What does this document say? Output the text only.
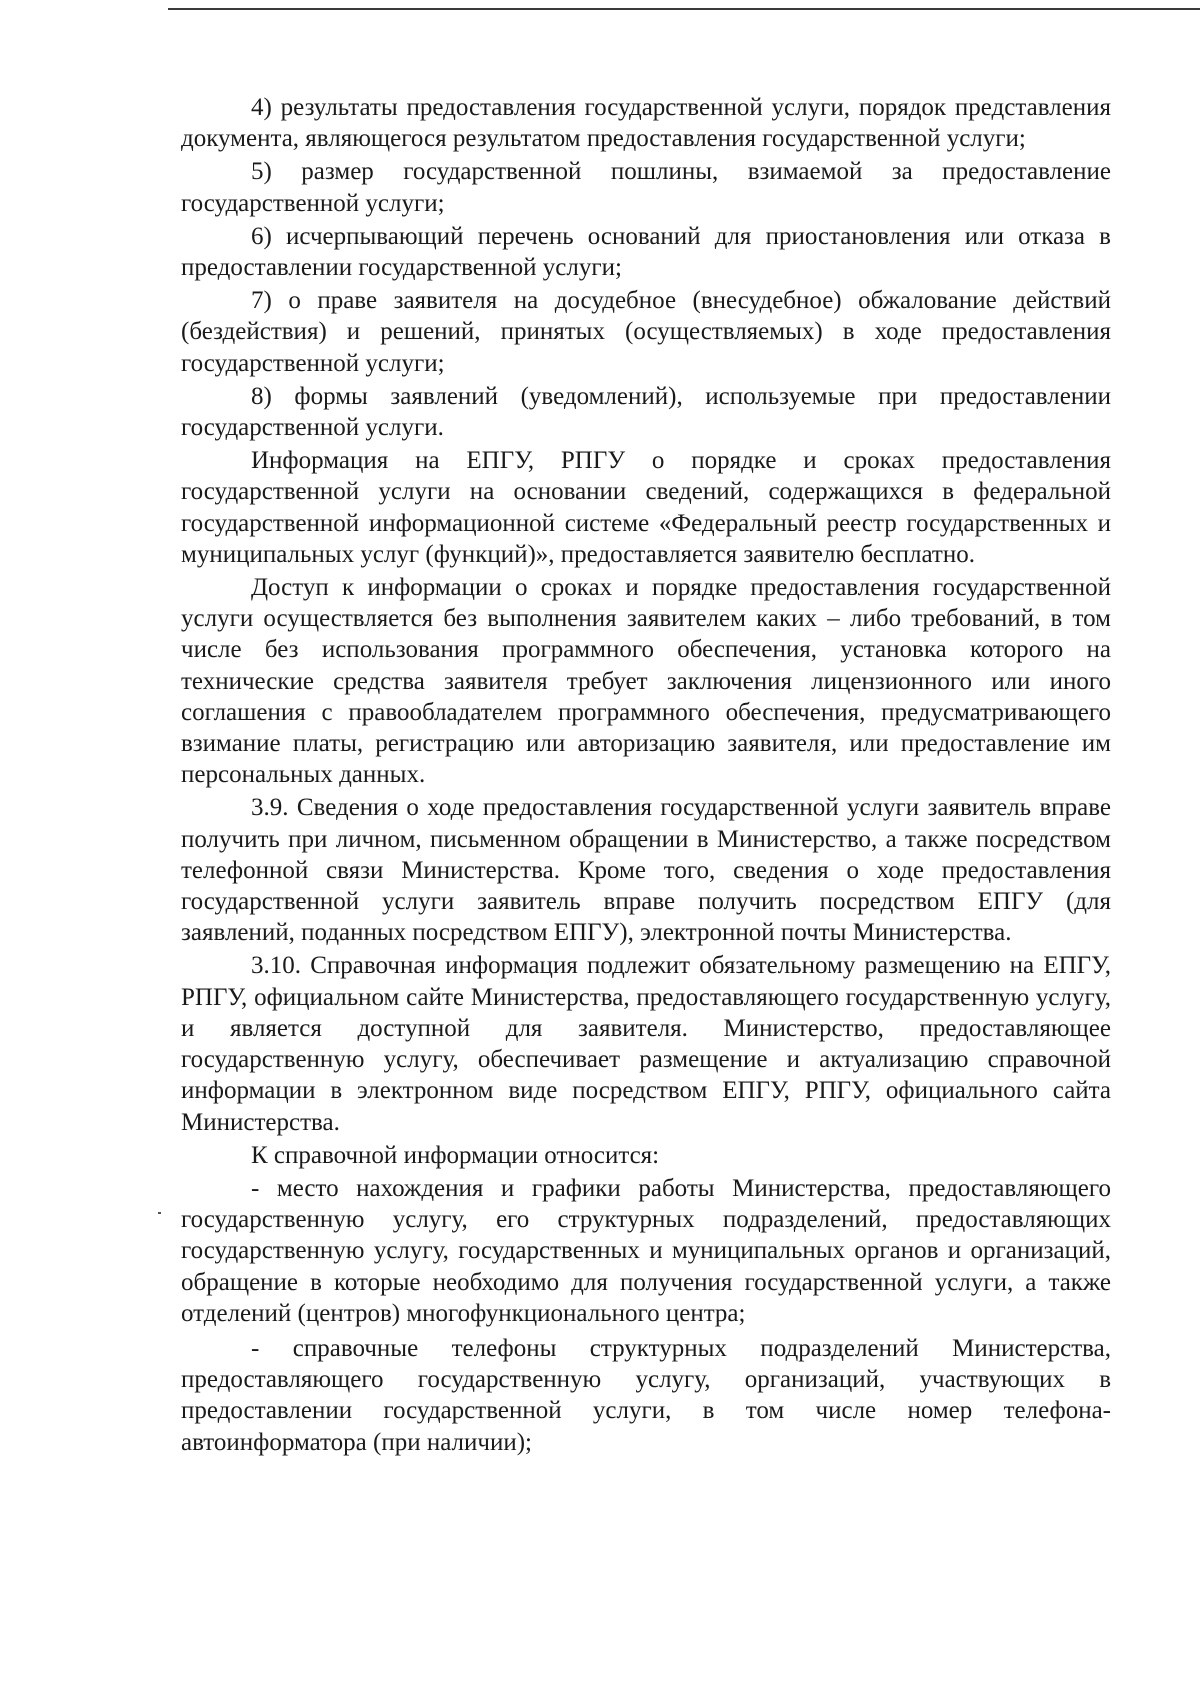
4) результаты предоставления государственной услуги, порядок представления документа, являющегося результатом предоставления государственной услуги;

5) размер государственной пошлины, взимаемой за предоставление государственной услуги;

6) исчерпывающий перечень оснований для приостановления или отказа в предоставлении государственной услуги;

7) о праве заявителя на досудебное (внесудебное) обжалование действий (бездействия) и решений, принятых (осуществляемых) в ходе предоставления государственной услуги;

8) формы заявлений (уведомлений), используемые при предоставлении государственной услуги.

Информация на ЕПГУ, РПГУ о порядке и сроках предоставления государственной услуги на основании сведений, содержащихся в федеральной государственной информационной системе «Федеральный реестр государственных и муниципальных услуг (функций)», предоставляется заявителю бесплатно.

Доступ к информации о сроках и порядке предоставления государственной услуги осуществляется без выполнения заявителем каких – либо требований, в том числе без использования программного обеспечения, установка которого на технические средства заявителя требует заключения лицензионного или иного соглашения с правообладателем программного обеспечения, предусматривающего взимание платы, регистрацию или авторизацию заявителя, или предоставление им персональных данных.

3.9. Сведения о ходе предоставления государственной услуги заявитель вправе получить при личном, письменном обращении в Министерство, а также посредством телефонной связи Министерства. Кроме того, сведения о ходе предоставления государственной услуги заявитель вправе получить посредством ЕПГУ (для заявлений, поданных посредством ЕПГУ), электронной почты Министерства.

3.10. Справочная информация подлежит обязательному размещению на ЕПГУ, РПГУ, официальном сайте Министерства, предоставляющего государственную услугу, и является доступной для заявителя. Министерство, предоставляющее государственную услугу, обеспечивает размещение и актуализацию справочной информации в электронном виде посредством ЕПГУ, РПГУ, официального сайта Министерства.

К справочной информации относится:

- место нахождения и графики работы Министерства, предоставляющего государственную услугу, его структурных подразделений, предоставляющих государственную услугу, государственных и муниципальных органов и организаций, обращение в которые необходимо для получения государственной услуги, а также отделений (центров) многофункционального центра;

- справочные телефоны структурных подразделений Министерства, предоставляющего государственную услугу, организаций, участвующих в предоставлении государственной услуги, в том числе номер телефона-автоинформатора (при наличии);
